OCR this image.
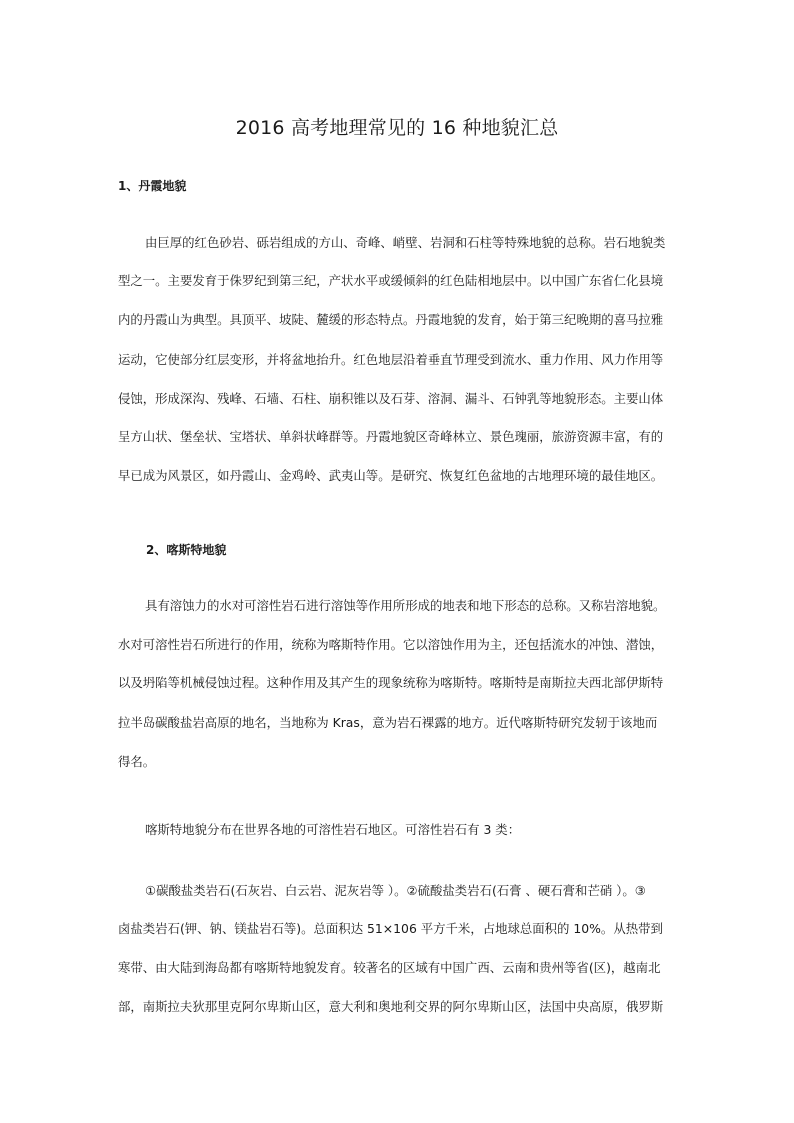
2016 高考地理常见的 16 种地貌汇总
1、丹霞地貌
由巨厚的红色砂岩、砾岩组成的方山、奇峰、峭壁、岩洞和石柱等特殊地貌的总称。岩石地貌类
型之一。主要发育于侏罗纪到第三纪，产状水平或缓倾斜的红色陆相地层中。以中国广东省仁化县境
内的丹霞山为典型。具顶平、坡陡、麓缓的形态特点。丹霞地貌的发育，始于第三纪晚期的喜马拉雅
运动，它使部分红层变形，并将盆地抬升。红色地层沿着垂直节理受到流水、重力作用、风力作用等
侵蚀，形成深沟、残峰、石墙、石柱、崩积锥以及石芽、溶洞、漏斗、石钟乳等地貌形态。主要山体
呈方山状、堡垒状、宝塔状、单斜状峰群等。丹霞地貌区奇峰林立、景色瑰丽，旅游资源丰富，有的
早已成为风景区，如丹霞山、金鸡岭、武夷山等。是研究、恢复红色盆地的古地理环境的最佳地区。
2、喀斯特地貌
具有溶蚀力的水对可溶性岩石进行溶蚀等作用所形成的地表和地下形态的总称。又称岩溶地貌。
水对可溶性岩石所进行的作用，统称为喀斯特作用。它以溶蚀作用为主，还包括流水的冲蚀、潜蚀，
以及坍陷等机械侵蚀过程。这种作用及其产生的现象统称为喀斯特。喀斯特是南斯拉夫西北部伊斯特
拉半岛碳酸盐岩高原的地名，当地称为 Kras，意为岩石裸露的地方。近代喀斯特研究发轫于该地而
得名。
喀斯特地貌分布在世界各地的可溶性岩石地区。可溶性岩石有 3 类：
①碳酸盐类岩石(石灰岩、白云岩、泥灰岩等 ）。②硫酸盐类岩石(石膏 、硬石膏和芒硝 ）。③
卤盐类岩石(钾、钠、镁盐岩石等)。总面积达 51×106 平方千米，占地球总面积的 10%。从热带到
寒带、由大陆到海岛都有喀斯特地貌发育。较著名的区域有中国广西、云南和贵州等省(区)，越南北
部，南斯拉夫狄那里克阿尔卑斯山区，意大利和奥地利交界的阿尔卑斯山区，法国中央高原，俄罗斯
